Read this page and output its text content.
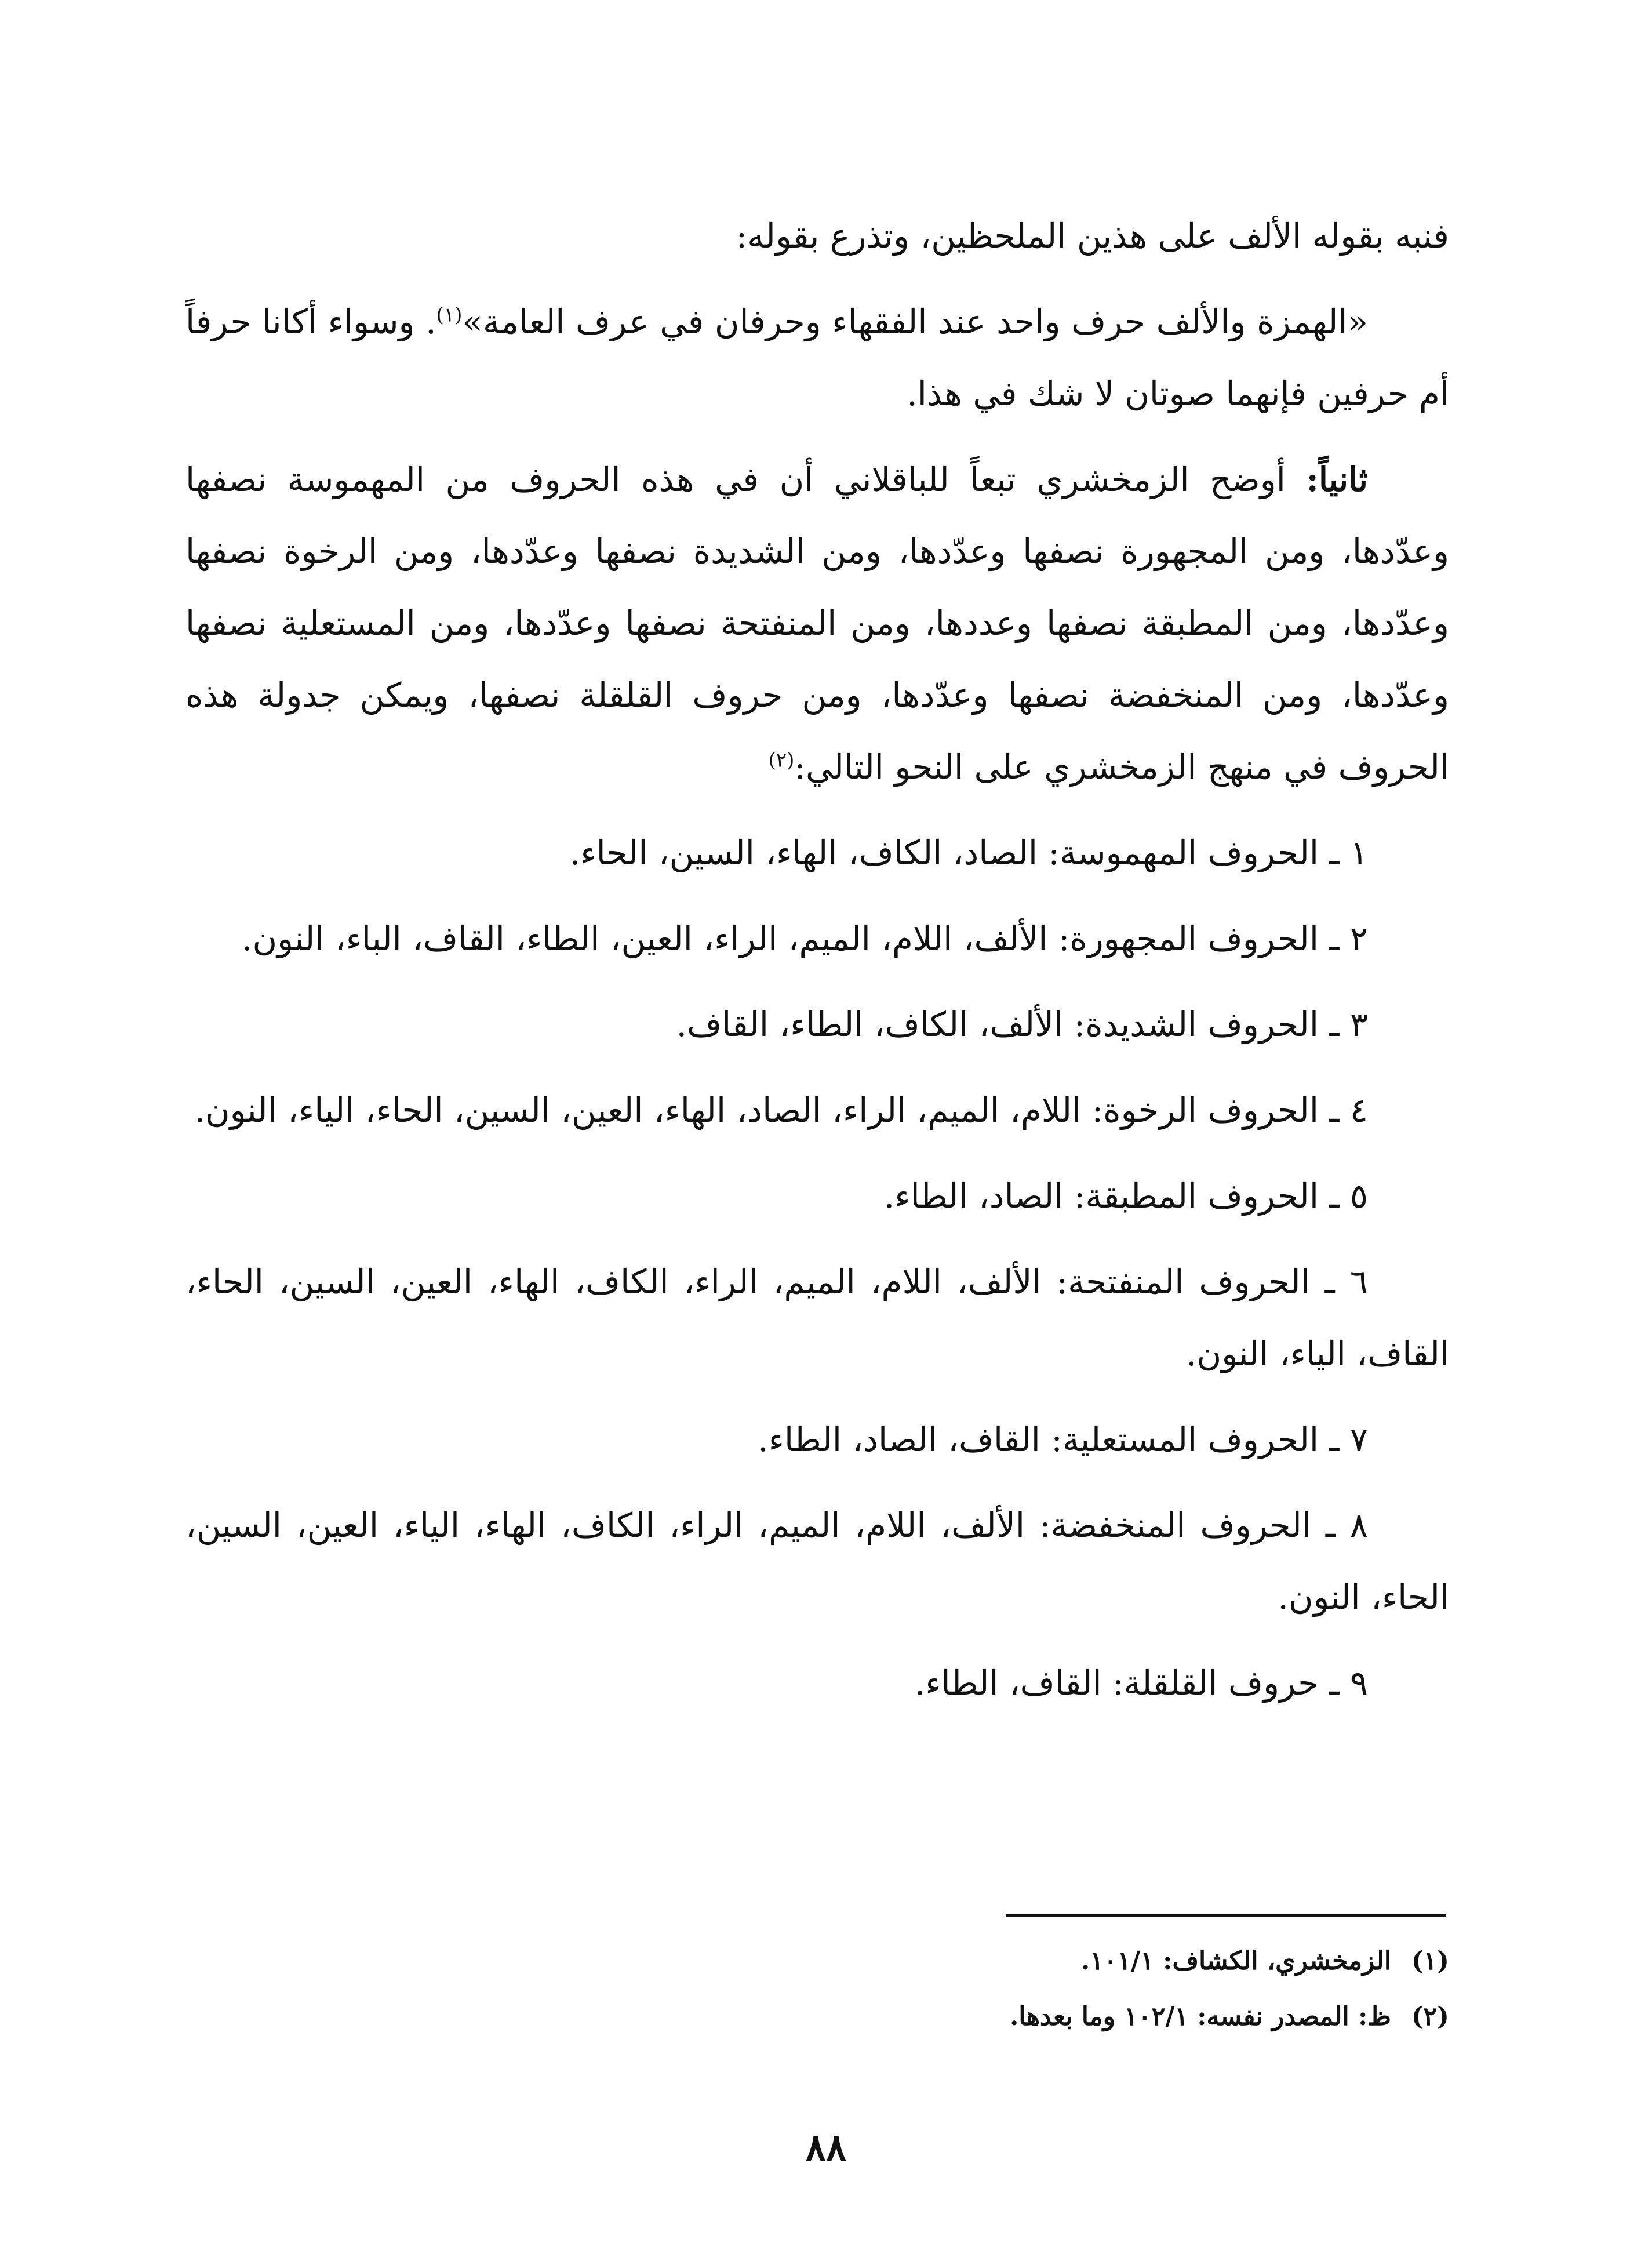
فنبه بقوله الألف على هذين الملحظين، وتذرع بقوله:

«الهمزة والألف حرف واحد عند الفقهاء وحرفان في عرف العامة»$^{(١)}$. وسواء أكانا حرفاً أم حرفين فإنهما صوتان لا شك في هذا.

ثانياً: أوضح الزمخشري تبعاً للباقلاني أن في هذه الحروف من المهموسة نصفها وعدّدها، ومن المجهورة نصفها وعدّدها، ومن الشديدة نصفها وعدّدها، ومن الرخوة نصفها وعدّدها، ومن المطبقة نصفها وعددها، ومن المنفتحة نصفها وعدّدها، ومن المستعلية نصفها وعدّدها، ومن المنخفضة نصفها وعدّدها، ومن حروف القلقلة نصفها، ويمكن جدولة هذه الحروف في منهج الزمخشري على النحو التالي:$^{(٢)}$

١ ـ الحروف المهموسة: الصاد، الكاف، الهاء، السين، الحاء.

٢ ـ الحروف المجهورة: الألف، اللام، الميم، الراء، العين، الطاء، القاف، الباء، النون.

٣ ـ الحروف الشديدة: الألف، الكاف، الطاء، القاف.

٤ ـ الحروف الرخوة: اللام، الميم، الراء، الصاد، الهاء، العين، السين، الحاء، الياء، النون.

٥ ـ الحروف المطبقة: الصاد، الطاء.

٦ ـ الحروف المنفتحة: الألف، اللام، الميم، الراء، الكاف، الهاء، العين، السين، الحاء، القاف، الياء، النون.

٧ ـ الحروف المستعلية: القاف، الصاد، الطاء.

٨ ـ الحروف المنخفضة: الألف، اللام، الميم، الراء، الكاف، الهاء، الياء، العين، السين، الحاء، النون.

٩ ـ حروف القلقلة: القاف، الطاء.

(١)الزمخشري، الكشاف: ١٠١/١.
(٢)ظ: المصدر نفسه: ١٠٢/١ وما بعدها.
٨٨
